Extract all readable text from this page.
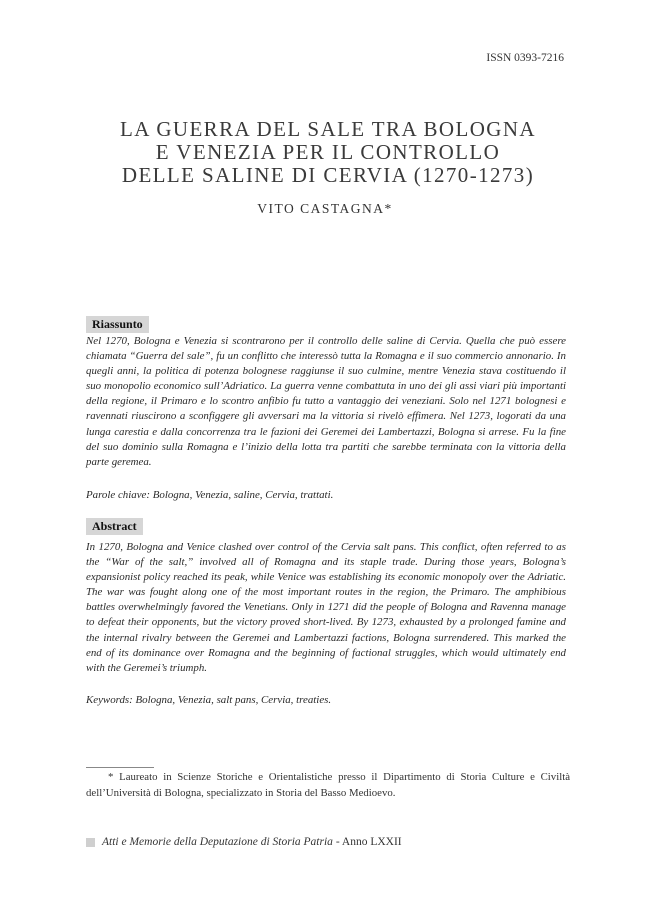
ISSN 0393-7216
LA GUERRA DEL SALE TRA BOLOGNA
E VENEZIA PER IL CONTROLLO
DELLE SALINE DI CERVIA (1270-1273)
VITO CASTAGNA*
Riassunto

Nel 1270, Bologna e Venezia si scontrarono per il controllo delle saline di Cervia. Quella che può essere chiamata “Guerra del sale”, fu un conflitto che interessò tutta la Romagna e il suo commercio annonario. In quegli anni, la politica di potenza bolognese raggiunse il suo culmine, mentre Venezia stava costituendo il suo monopolio economico sull’Adriatico. La guerra venne combattuta in uno dei gli assi viari più importanti della regione, il Primaro e lo scontro anfibio fu tutto a vantaggio dei veneziani. Solo nel 1271 bolognesi e ravennati riuscirono a sconfiggere gli avversari ma la vittoria si rivelò effimera. Nel 1273, logorati da una lunga carestia e dalla concorrenza tra le fazioni dei Geremei dei Lambertazzi, Bologna si arrese. Fu la fine del suo dominio sulla Romagna e l’inizio della lotta tra partiti che sarebbe terminata con la vittoria della parte geremea.

Parole chiave: Bologna, Venezia, saline, Cervia, trattati.
Abstract

In 1270, Bologna and Venice clashed over control of the Cervia salt pans. This conflict, often referred to as the “War of the salt,” involved all of Romagna and its staple trade. During those years, Bologna’s expansionist policy reached its peak, while Venice was establishing its economic monopoly over the Adriatic. The war was fought along one of the most important routes in the region, the Primaro. The amphibious battles overwhelmingly favored the Venetians. Only in 1271 did the people of Bologna and Ravenna manage to defeat their opponents, but the victory proved short-lived. By 1273, exhausted by a prolonged famine and the internal rivalry between the Geremei and Lambertazzi factions, Bologna surrendered. This marked the end of its dominance over Romagna and the beginning of factional struggles, which would ultimately end with the Geremei’s triumph.

Keywords: Bologna, Venezia, salt pans, Cervia, treaties.

* Laureato in Scienze Storiche e Orientalistiche presso il Dipartimento di Storia Culture e Civiltà dell’Università di Bologna, specializzato in Storia del Basso Medioevo.

Atti e Memorie della Deputazione di Storia Patria - Anno LXXII
